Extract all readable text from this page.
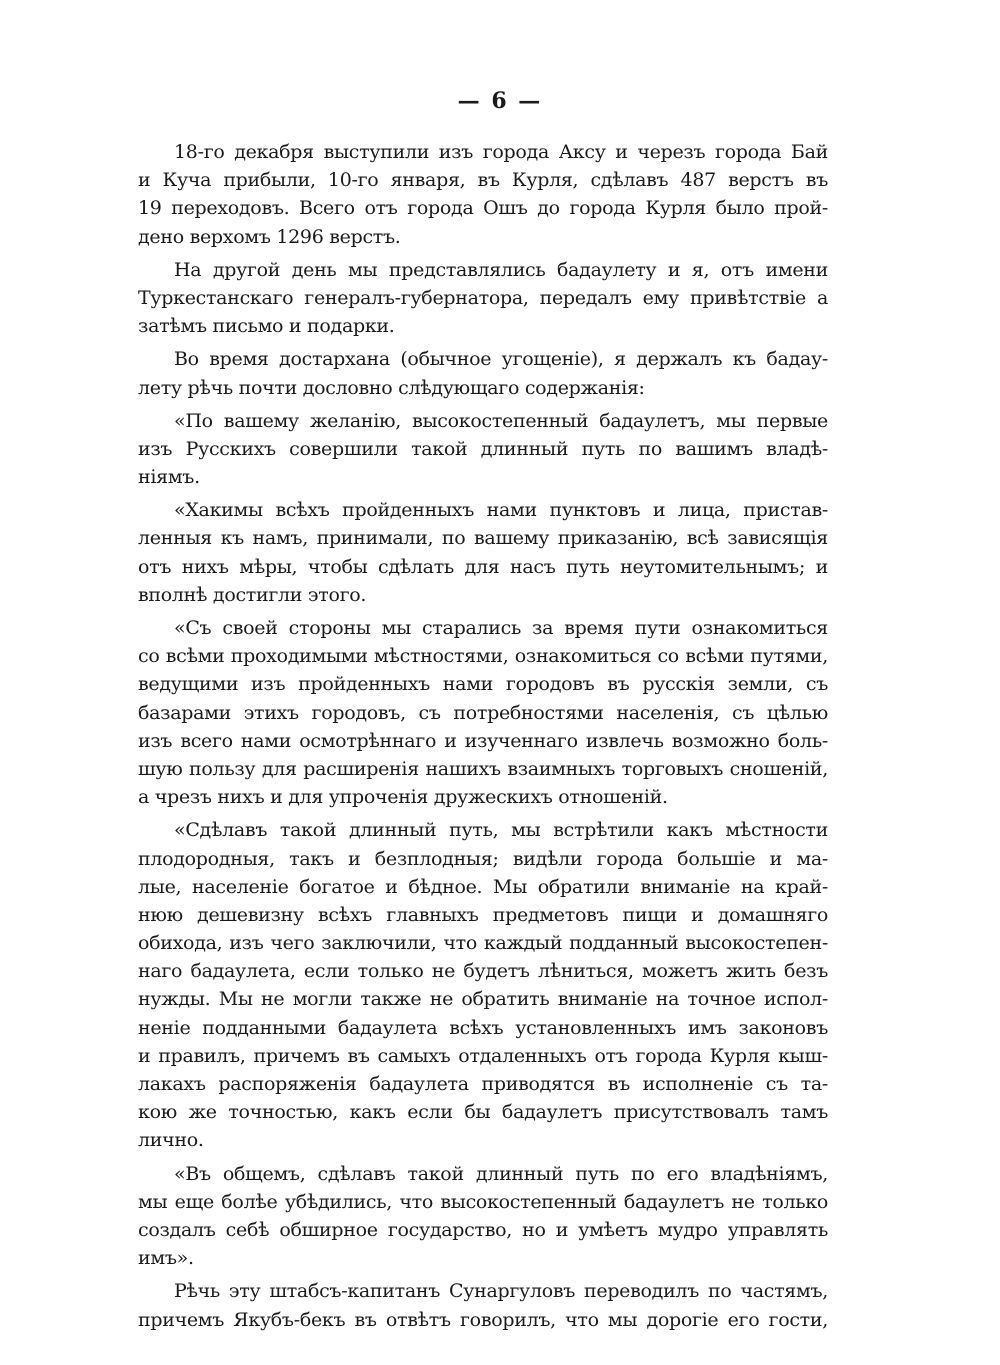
— 6 —
18-го декабря выступили изъ города Аксу и черезъ города Бай
и Куча прибыли, 10-го января, въ Курля, сдѣлавъ 487 верстъ въ
19 переходовъ. Всего отъ города Ошъ до города Курля было прой-
дено верхомъ 1296 верстъ.
На другой день мы представлялись бадаулету и я, отъ имени
Туркестанскаго генералъ-губернатора, передалъ ему привѣтствіе а
затѣмъ письмо и подарки.
Во время достархана (обычное угощеніе), я держалъ къ бадау-
лету рѣчь почти дословно слѣдующаго содержанія:
«По вашему желанію, высокостепенный бадаулетъ, мы первые
изъ Русскихъ совершили такой длинный путь по вашимъ владѣ-
ніямъ.
«Хакимы всѣхъ пройденныхъ нами пунктовъ и лица, пристав-
ленныя къ намъ, принимали, по вашему приказанію, всѣ зависящія
отъ нихъ мѣры, чтобы сдѣлать для насъ путь неутомительнымъ; и
вполнѣ достигли этого.
«Съ своей стороны мы старались за время пути ознакомиться
со всѣми проходимыми мѣстностями, ознакомиться со всѣми путями,
ведущими изъ пройденныхъ нами городовъ въ русскія земли, съ
базарами этихъ городовъ, съ потребностями населенія, съ цѣлью
изъ всего нами осмотрѣннаго и изученнаго извлечь возможно боль-
шую пользу для расширенія нашихъ взаимныхъ торговыхъ сношеній,
а чрезъ нихъ и для упроченія дружескихъ отношеній.
«Сдѣлавъ такой длинный путь, мы встрѣтили какъ мѣстности
плодородныя, такъ и безплодныя; видѣли города большіе и ма-
лые, населеніе богатое и бѣдное. Мы обратили вниманіе на край-
нюю дешевизну всѣхъ главныхъ предметовъ пищи и домашняго
обихода, изъ чего заключили, что каждый подданный высокостепен-
наго бадаулета, если только не будетъ лѣниться, можетъ жить безъ
нужды. Мы не могли также не обратить вниманіе на точное испол-
неніе подданными бадаулета всѣхъ установленныхъ имъ законовъ
и правилъ, причемъ въ самыхъ отдаленныхъ отъ города Курля кыш-
лакахъ распоряженія бадаулета приводятся въ исполненіе съ та-
кою же точностью, какъ если бы бадаулетъ присутствовалъ тамъ
лично.
«Въ общемъ, сдѣлавъ такой длинный путь по его владѣніямъ,
мы еще болѣе убѣдились, что высокостепенный бадаулетъ не только
создалъ себѣ обширное государство, но и умѣетъ мудро управлять
имъ».
Рѣчь эту штабсъ-капитанъ Сунаргуловъ переводилъ по частямъ,
причемъ Якубъ-бекъ въ отвѣтъ говорилъ, что мы дорогіе его гости,
